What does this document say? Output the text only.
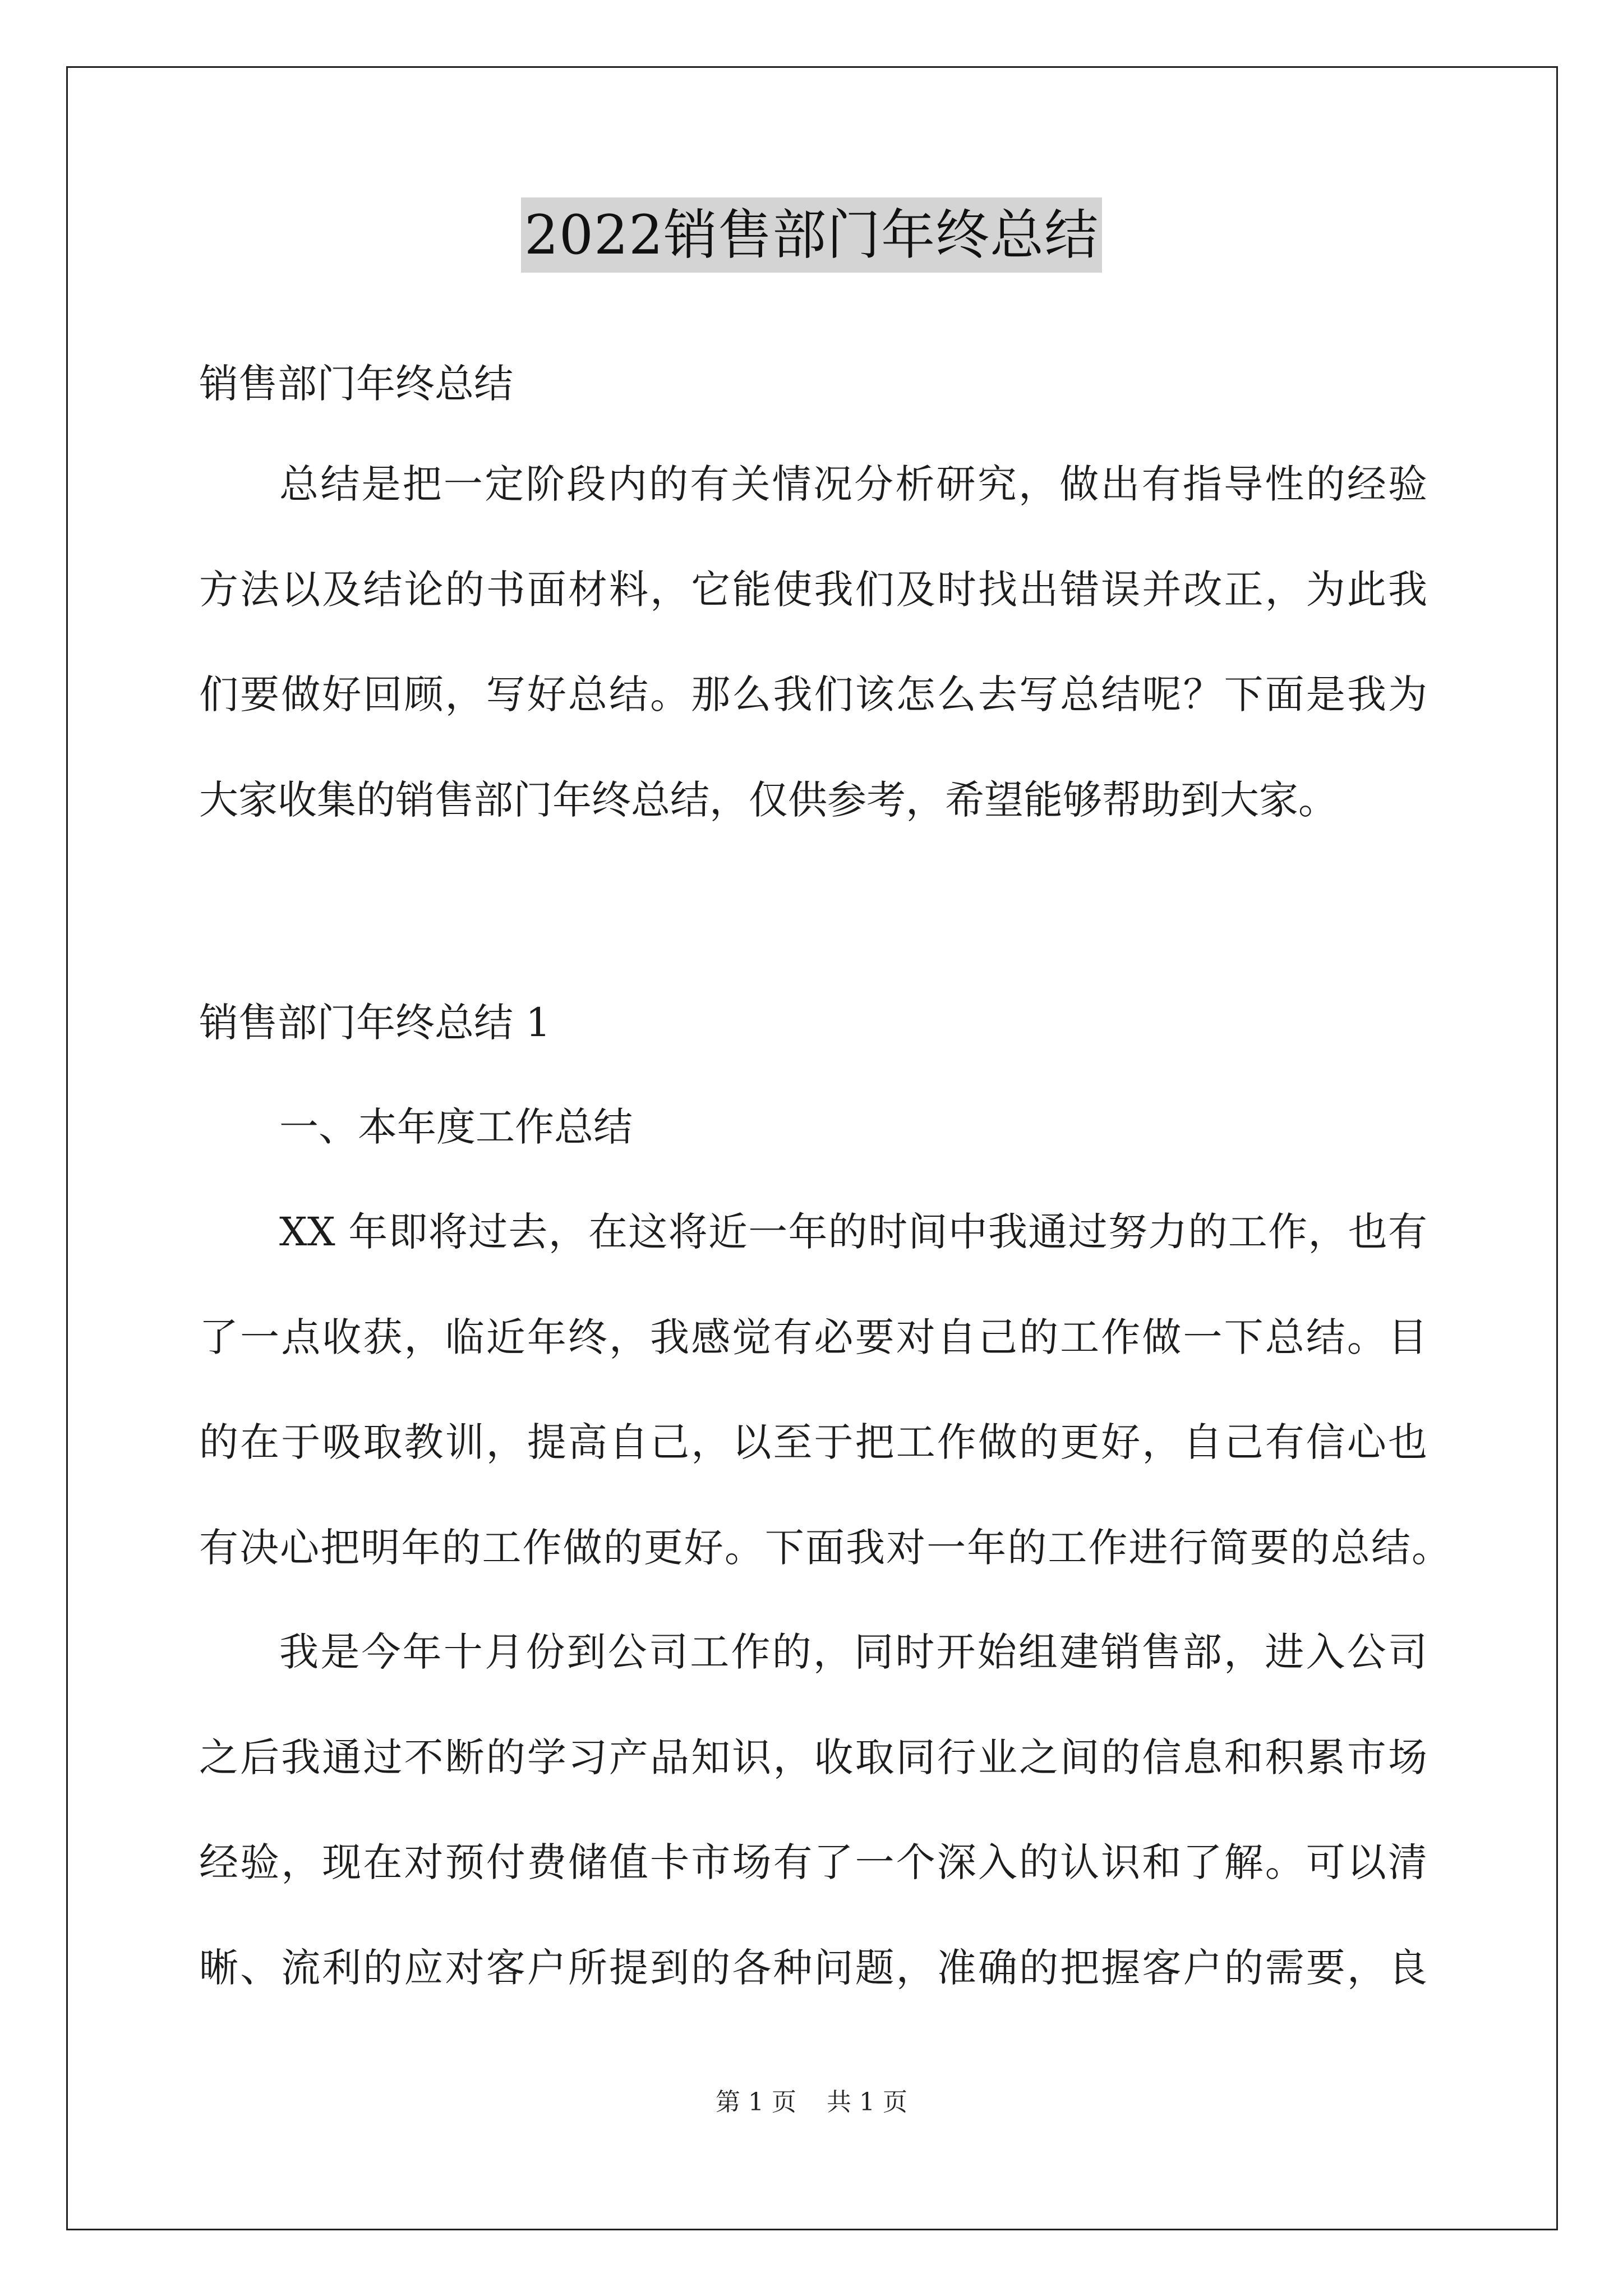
2022销售部门年终总结
销售部门年终总结
总结是把一定阶段内的有关情况分析研究，做出有指导性的经验
方法以及结论的书面材料，它能使我们及时找出错误并改正，为此我
们要做好回顾，写好总结。那么我们该怎么去写总结呢？下面是我为
大家收集的销售部门年终总结，仅供参考，希望能够帮助到大家。
销售部门年终总结 1
一、本年度工作总结
XX 年即将过去，在这将近一年的时间中我通过努力的工作，也有
了一点收获，临近年终，我感觉有必要对自己的工作做一下总结。目
的在于吸取教训，提高自己，以至于把工作做的更好，自己有信心也
有决心把明年的工作做的更好。下面我对一年的工作进行简要的总结。
我是今年十月份到公司工作的，同时开始组建销售部，进入公司
之后我通过不断的学习产品知识，收取同行业之间的信息和积累市场
经验，现在对预付费储值卡市场有了一个深入的认识和了解。可以清
晰、流利的应对客户所提到的各种问题，准确的把握客户的需要，良
第 1 页 共 1 页
